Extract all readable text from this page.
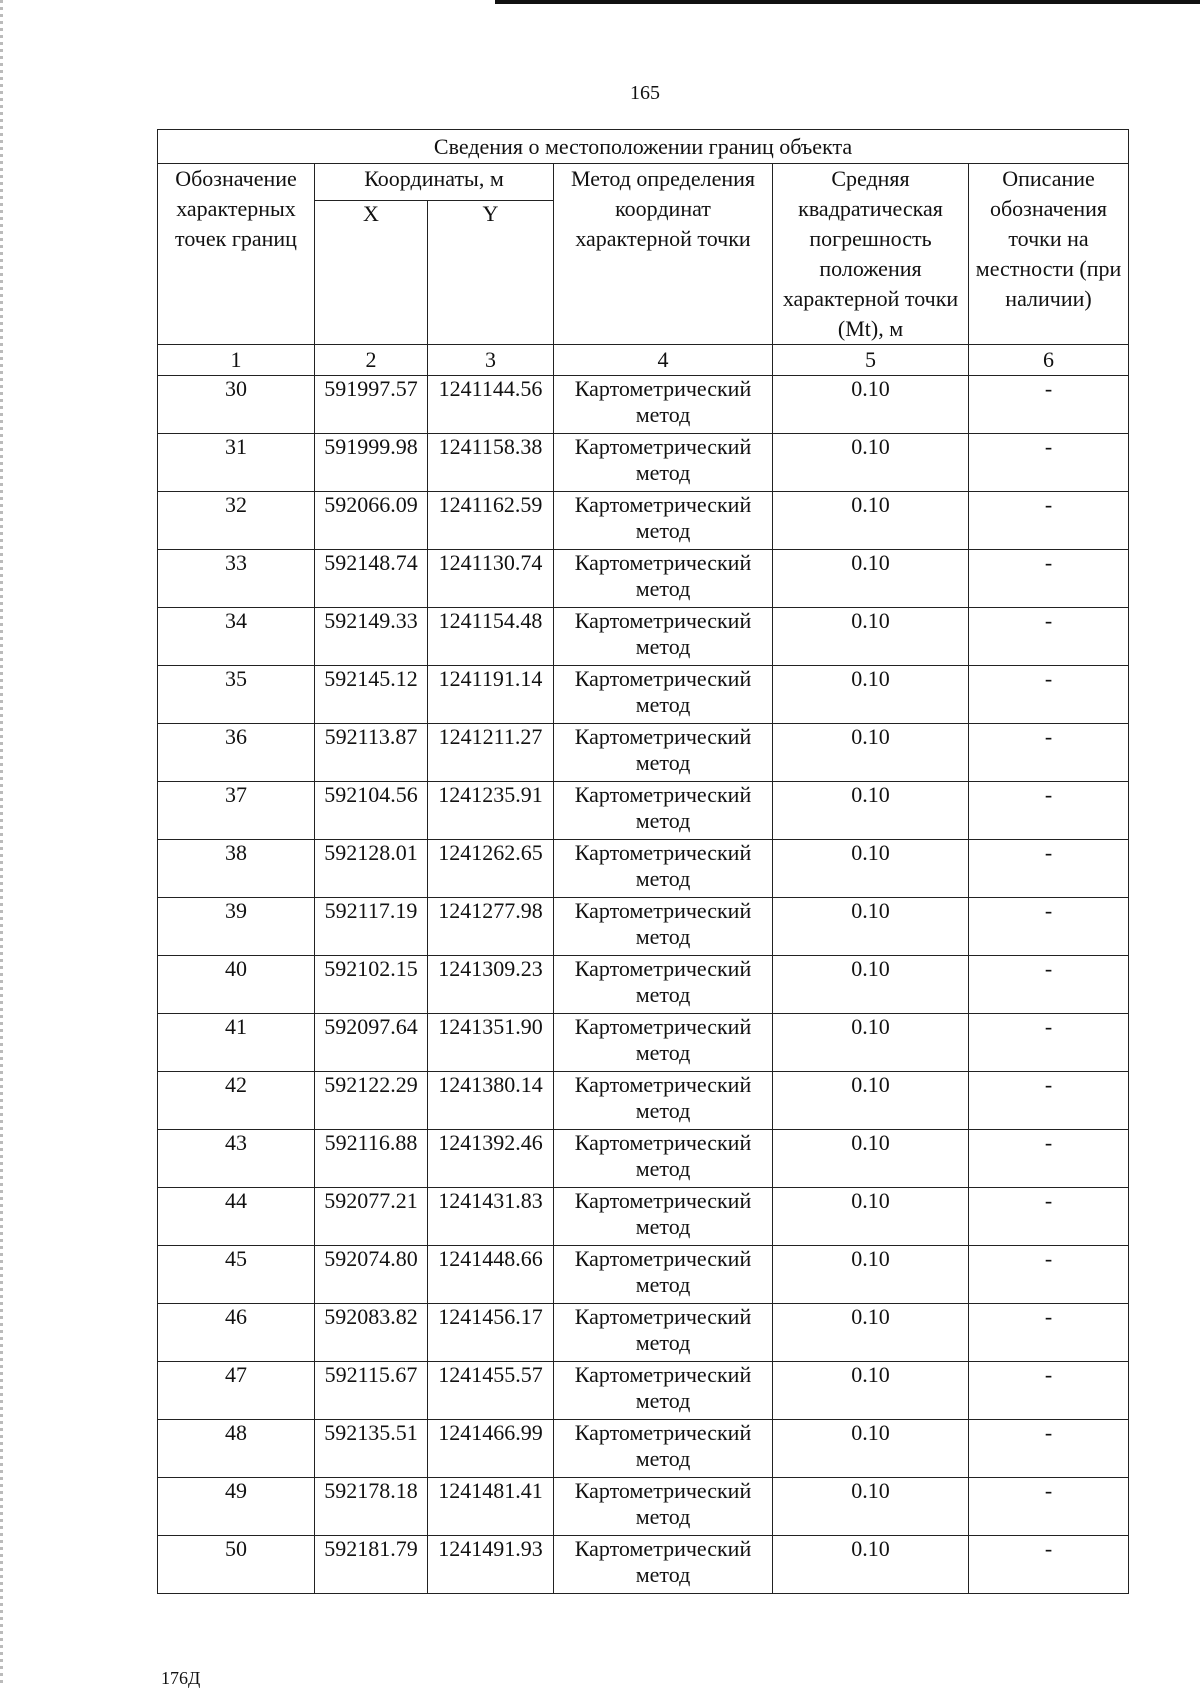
165
Сведения о местоположении границ объекта					
Обозначение характерных точек границ	Координаты, м		Метод определения координат характерной точки	Средняя квадратическая погрешность положения характерной точки (Mt), м	Описание обозначения точки на местности (при наличии)
	X	Y			
1	2	3	4	5	6
30	591997.57	1241144.56	Картометрический метод	0.10	-
31	591999.98	1241158.38	Картометрический метод	0.10	-
32	592066.09	1241162.59	Картометрический метод	0.10	-
33	592148.74	1241130.74	Картометрический метод	0.10	-
34	592149.33	1241154.48	Картометрический метод	0.10	-
35	592145.12	1241191.14	Картометрический метод	0.10	-
36	592113.87	1241211.27	Картометрический метод	0.10	-
37	592104.56	1241235.91	Картометрический метод	0.10	-
38	592128.01	1241262.65	Картометрический метод	0.10	-
39	592117.19	1241277.98	Картометрический метод	0.10	-
40	592102.15	1241309.23	Картометрический метод	0.10	-
41	592097.64	1241351.90	Картометрический метод	0.10	-
42	592122.29	1241380.14	Картометрический метод	0.10	-
43	592116.88	1241392.46	Картометрический метод	0.10	-
44	592077.21	1241431.83	Картометрический метод	0.10	-
45	592074.80	1241448.66	Картометрический метод	0.10	-
46	592083.82	1241456.17	Картометрический метод	0.10	-
47	592115.67	1241455.57	Картометрический метод	0.10	-
48	592135.51	1241466.99	Картометрический метод	0.10	-
49	592178.18	1241481.41	Картометрический метод	0.10	-
50	592181.79	1241491.93	Картометрический метод	0.10	-
176Д
